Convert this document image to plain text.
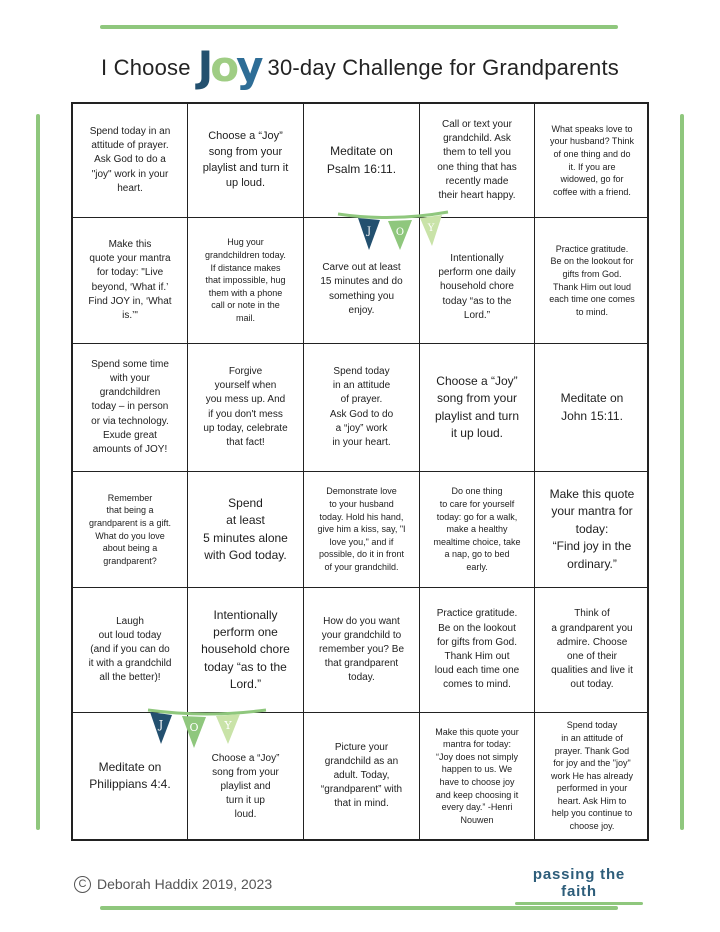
I Choose Joy 30-day Challenge for Grandparents
Spend today in an
attitude of prayer.
Ask God to do a
"joy" work in your
heart.
Choose a “Joy”
song from your
playlist and turn it
up loud.
Meditate on
Psalm 16:11.
Call or text your
grandchild. Ask
them to tell you
one thing that has
recently made
their heart happy.
What speaks love to
your husband? Think
of one thing and do
it. If you are
widowed, go for
coffee with a friend.
Make this
quote your mantra
for today: "Live
beyond, ‘What if.’
Find JOY in, ‘What
is.’"
Hug your
grandchildren today.
If distance makes
that impossible, hug
them with a phone
call or note in the
mail.
Carve out at least
15 minutes and do
something you
enjoy.
Intentionally
perform one daily
household chore
today “as to the
Lord.”
Practice gratitude.
Be on the lookout for
gifts from God.
Thank Him out loud
each time one comes
to mind.
Spend some time
with your
grandchildren
today – in person
or via technology.
Exude great
amounts of JOY!
Forgive
yourself when
you mess up. And
if you don't mess
up today, celebrate
that fact!
Spend today
in an attitude
of prayer.
Ask God to do
a “joy” work
in your heart.
Choose a “Joy”
song from your
playlist and turn
it up loud.
Meditate on
John 15:11.
Remember
that being a
grandparent is a gift.
What do you love
about being a
grandparent?
Spend
at least
5 minutes alone
with God today.
Demonstrate love
to your husband
today. Hold his hand,
give him a kiss, say, "I
love you," and if
possible, do it in front
of your grandchild.
Do one thing
to care for yourself
today: go for a walk,
make a healthy
mealtime choice, take
a nap, go to bed
early.
Make this quote
your mantra for
today:
“Find joy in the
ordinary.”
Laugh
out loud today
(and if you can do
it with a grandchild
all the better)!
Intentionally
perform one
household chore
today “as to the
Lord.”
How do you want
your grandchild to
remember you? Be
that grandparent
today.
Practice gratitude.
Be on the lookout
for gifts from God.
Thank Him out
loud each time one
comes to mind.
Think of
a grandparent you
admire. Choose
one of their
qualities and live it
out today.
Meditate on
Philippians 4:4.
Choose a “Joy”
song from your
playlist and
turn it up
loud.
Picture your
grandchild as an
adult. Today,
“grandparent” with
that in mind.
Make this quote your
mantra for today:
“Joy does not simply
happen to us. We
have to choose joy
and keep choosing it
every day.” -Henri
Nouwen
Spend today
in an attitude of
prayer. Thank God
for joy and the "joy"
work He has already
performed in your
heart. Ask Him to
help you continue to
choose joy.
J O Y
J O Y
C Deborah Haddix 2019, 2023
passing the faith
